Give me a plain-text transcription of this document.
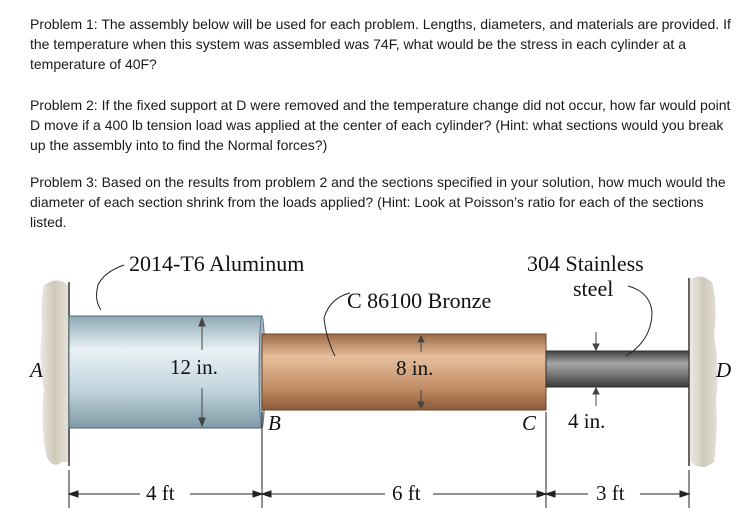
Problem 1: The assembly below will be used for each problem. Lengths, diameters, and materials are provided. If the temperature when this system was assembled was 74F, what would be the stress in each cylinder at a temperature of 40F?

Problem 2: If the fixed support at D were removed and the temperature change did not occur, how far would point D move if a 400 lb tension load was applied at the center of each cylinder? (Hint: what sections would you break up the assembly into to find the Normal forces?)

Problem 3: Based on the results from problem 2 and the sections specified in your solution, how much would the diameter of each section shrink from the loads applied? (Hint: Look at Poisson’s ratio for each of the sections listed.

2014-T6 Aluminum
C 86100 Bronze
304 Stainless
steel
A
B	C
D
12 in.	8 in.
4 in.
4 ft	6 ft	3 ft
